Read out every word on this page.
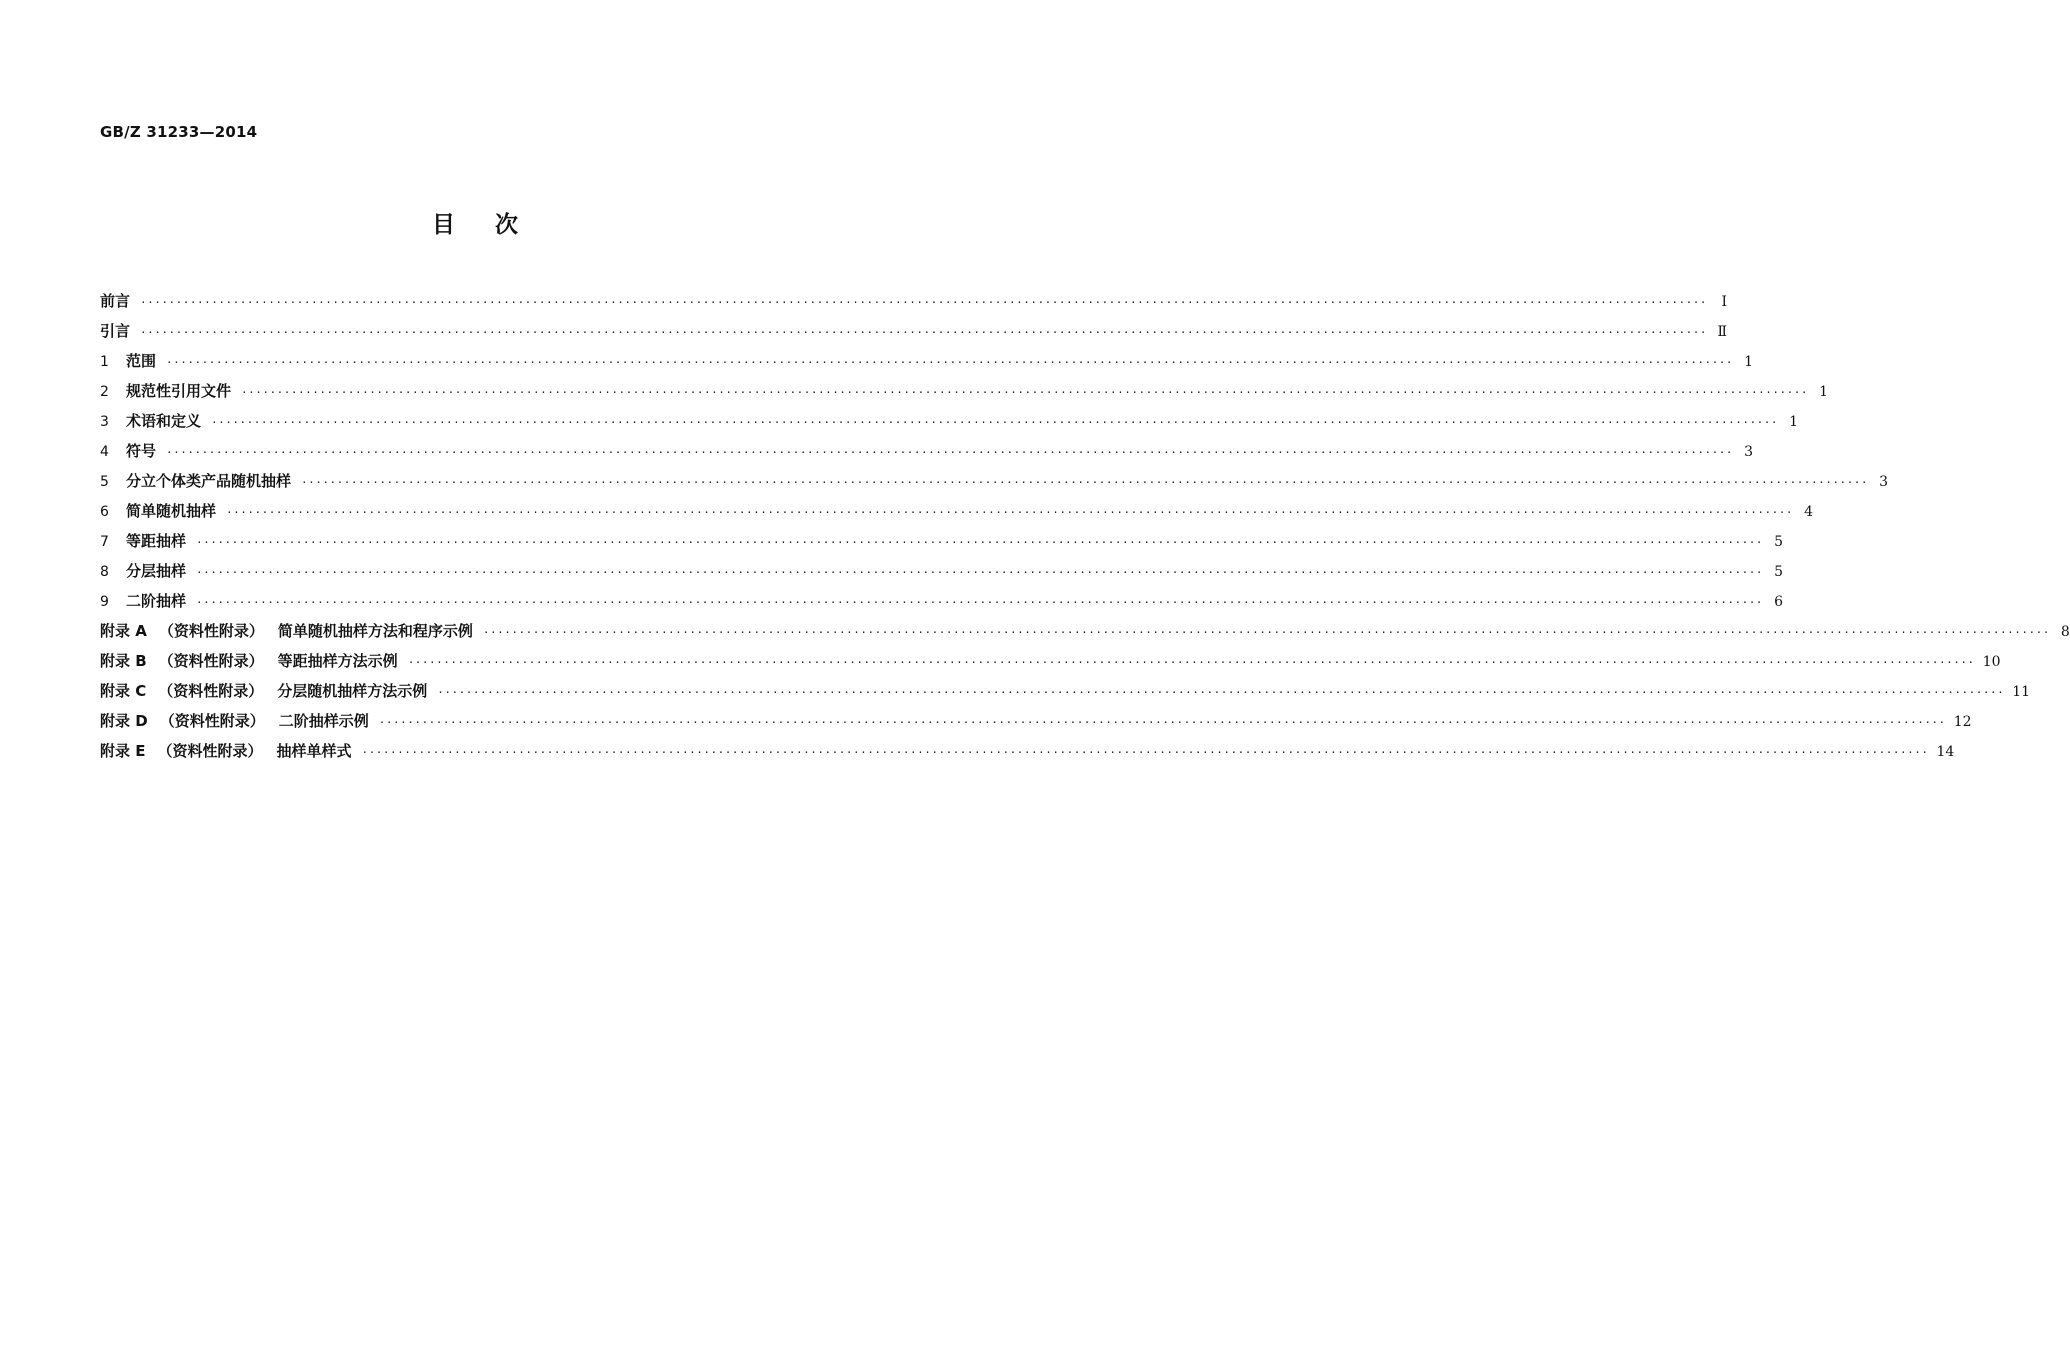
GB/Z 31233—2014
目次
前言 ····························································································································································································································	Ⅰ
引言 ···························································································································································································································· Ⅱ
1	范围 ···························································································································································································································· 1
2	规范性引用文件 ···························································································································································································································· 1
3	术语和定义 ···························································································································································································································· 1
4	符号 ···························································································································································································································· 3
5	分立个体类产品随机抽样 ···························································································································································································································· 3
6	简单随机抽样 ···························································································································································································································· 4
7	等距抽样 ···························································································································································································································· 5
8	分层抽样 ···························································································································································································································· 5
9	二阶抽样 ···························································································································································································································· 6
附录 A （资料性附录） 简单随机抽样方法和程序示例 ···························································································································································································································· 8
附录 B （资料性附录） 等距抽样方法示例 ···························································································································································································································· 10
附录 C （资料性附录） 分层随机抽样方法示例 ···························································································································································································································· 11
附录 D （资料性附录） 二阶抽样示例 ···························································································································································································································· 12
附录 E （资料性附录） 抽样单样式 ···························································································································································································································· 14
